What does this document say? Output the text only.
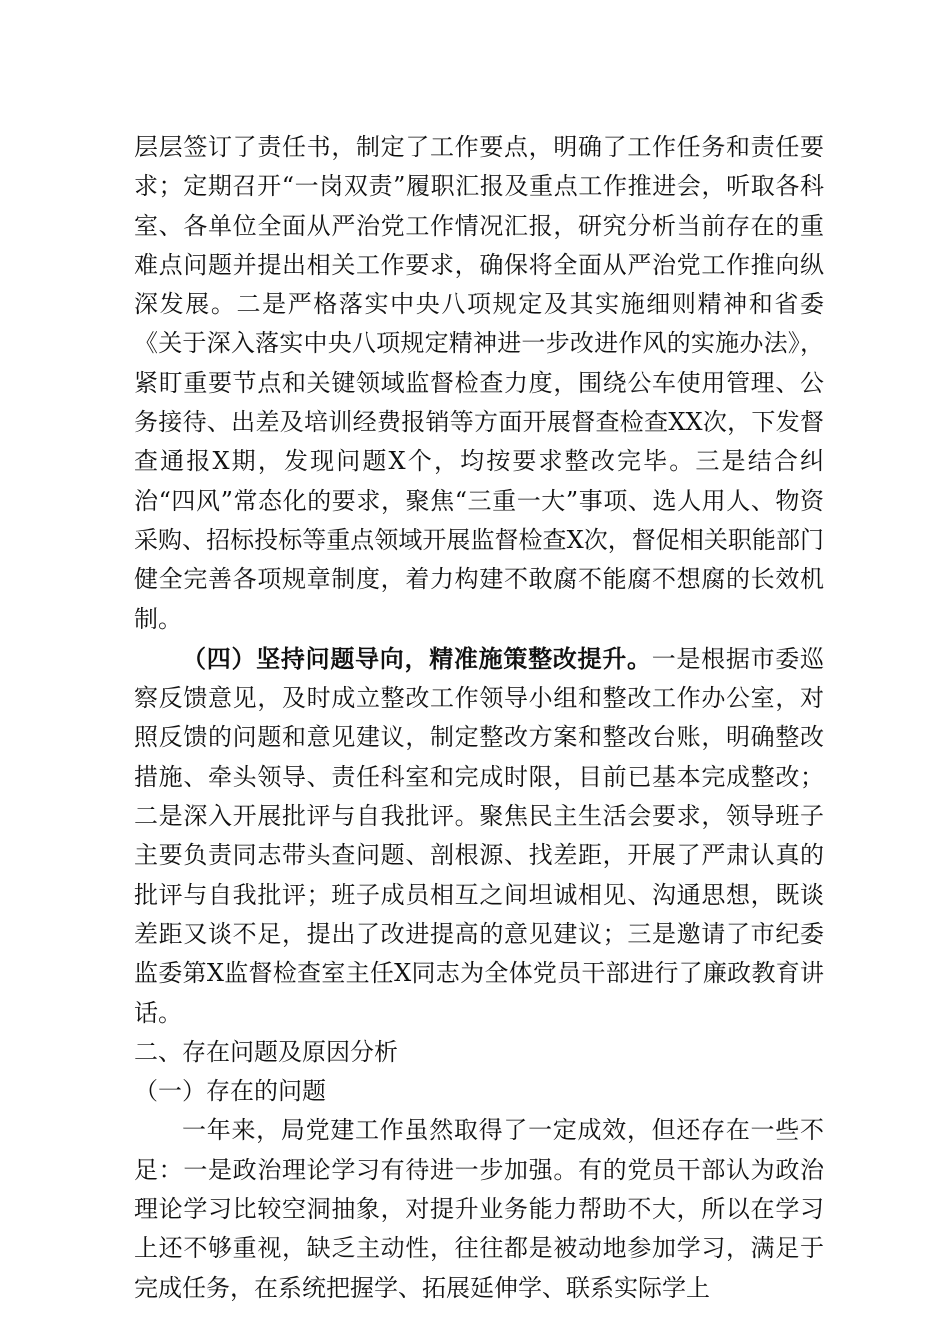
层层签订了责任书，制定了工作要点，明确了工作任务和责任要求；定期召开“一岗双责”履职汇报及重点工作推进会，听取各科室、各单位全面从严治党工作情况汇报，研究分析当前存在的重难点问题并提出相关工作要求，确保将全面从严治党工作推向纵深发展。二是严格落实中央八项规定及其实施细则精神和省委《关于深入落实中央八项规定精神进一步改进作风的实施办法》，紧盯重要节点和关键领域监督检查力度，围绕公车使用管理、公务接待、出差及培训经费报销等方面开展督查检查XX次，下发督查通报X期，发现问题X个，均按要求整改完毕。三是结合纠治“四风”常态化的要求，聚焦“三重一大”事项、选人用人、物资采购、招标投标等重点领域开展监督检查X次，督促相关职能部门健全完善各项规章制度，着力构建不敢腐不能腐不想腐的长效机制。

（四）坚持问题导向，精准施策整改提升。一是根据市委巡察反馈意见，及时成立整改工作领导小组和整改工作办公室，对照反馈的问题和意见建议，制定整改方案和整改台账，明确整改措施、牵头领导、责任科室和完成时限，目前已基本完成整改；二是深入开展批评与自我批评。聚焦民主生活会要求，领导班子主要负责同志带头查问题、剖根源、找差距，开展了严肃认真的批评与自我批评；班子成员相互之间坦诚相见、沟通思想，既谈差距又谈不足，提出了改进提高的意见建议；三是邀请了市纪委监委第X监督检查室主任X同志为全体党员干部进行了廉政教育讲话。

二、存在问题及原因分析

（一）存在的问题

一年来，局党建工作虽然取得了一定成效，但还存在一些不足：一是政治理论学习有待进一步加强。有的党员干部认为政治理论学习比较空洞抽象，对提升业务能力帮助不大，所以在学习上还不够重视，缺乏主动性，往往都是被动地参加学习，满足于完成任务，在系统把握学、拓展延伸学、联系实际学上
